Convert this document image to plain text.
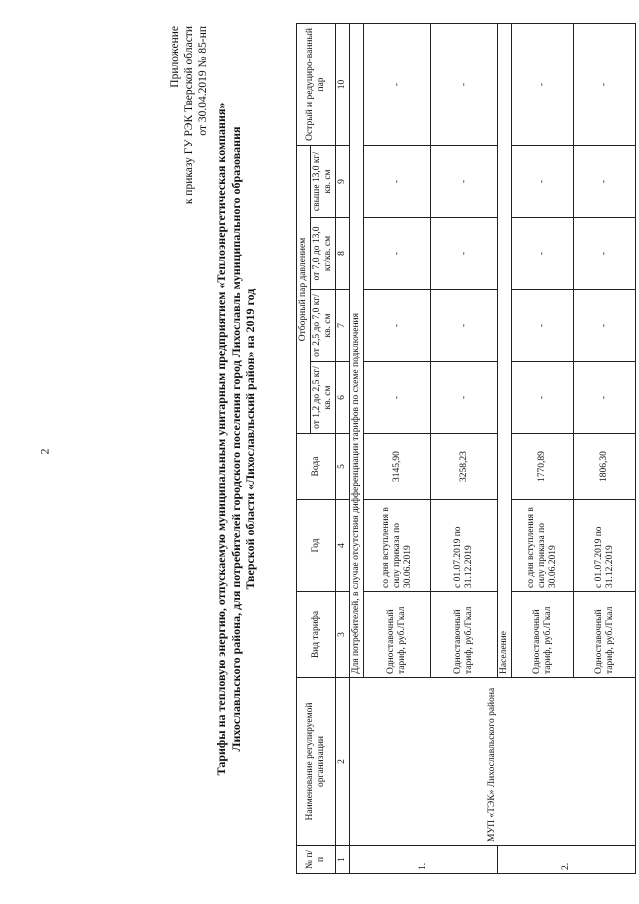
2
Приложение к приказу ГУ РЭК Тверской области от 30.04.2019 № 85-нп
Тарифы на тепловую энергию, отпускаемую муниципальным унитарным предприятием «Теплоэнергетическая компания» Лихославльского района, для потребителей городского поселения город Лихославль муниципального образования Тверской области «Лихославльский район» на 2019 год
№ п/п	Наименование регулируемой организации	Вид тарифа	Год	Вода	Отборный пар давлением				Острый и редуциро-ванный пар
					от 1,2 до 2,5 кг/кв. см	от 2,5 до 7,0 кг/кв. см	от 7,0 до 13,0 кг/кв. см	свыше 13,0 кг/кв. см	
1	2	3	4	5	6	7	8	9	10
1.	МУП «ТЭК» Лихославльского района	Для потребителей, в случае отсутствия дифференциации тарифов по схеме подключения							
		Одноставочный тариф, руб./Гкал	со дня вступления в силу приказа по 30.06.2019	3145,90	-	-	-	-	-
		Одноставочный тариф, руб./Гкал	с 01.07.2019 по 31.12.2019	3258,23	-	-	-	-	-
2.		Население							
		Одноставочный тариф, руб./Гкал	со дня вступления в силу приказа по 30.06.2019	1770,89	-	-	-	-	-
		Одноставочный тариф, руб./Гкал	с 01.07.2019 по 31.12.2019	1806,30	-	-	-	-	-
